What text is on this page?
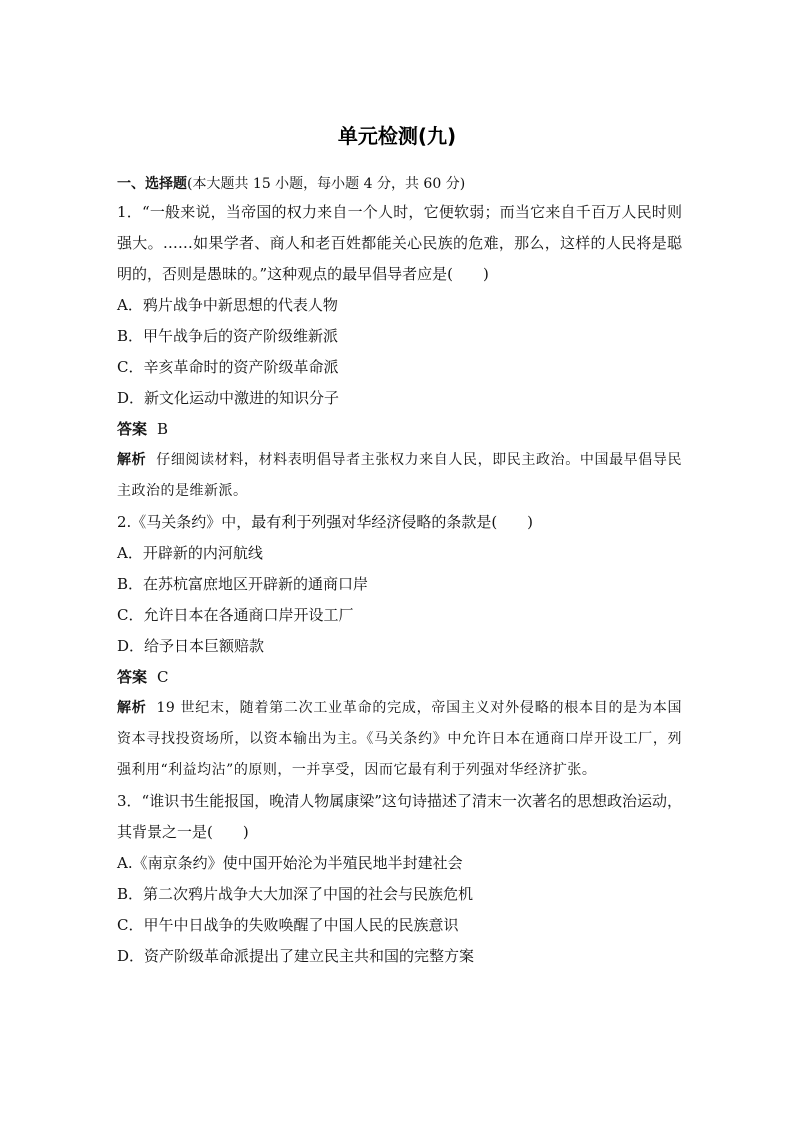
单元检测(九)

一、选择题(本大题共 15 小题，每小题 4 分，共 60 分)

1．“一般来说，当帝国的权力来自一个人时，它便软弱；而当它来自千百万人民时则强大。……如果学者、商人和老百姓都能关心民族的危难，那么，这样的人民将是聪明的，否则是愚昧的。”这种观点的最早倡导者应是(　　)

A．鸦片战争中新思想的代表人物

B．甲午战争后的资产阶级维新派

C．辛亥革命时的资产阶级革命派

D．新文化运动中激进的知识分子

答案 B

解析 仔细阅读材料，材料表明倡导者主张权力来自人民，即民主政治。中国最早倡导民主政治的是维新派。

2.《马关条约》中，最有利于列强对华经济侵略的条款是(　　)

A．开辟新的内河航线

B．在苏杭富庶地区开辟新的通商口岸

C．允许日本在各通商口岸开设工厂

D．给予日本巨额赔款

答案 C

解析 19 世纪末，随着第二次工业革命的完成，帝国主义对外侵略的根本目的是为本国资本寻找投资场所，以资本输出为主。《马关条约》中允许日本在通商口岸开设工厂，列强利用“利益均沾”的原则，一并享受，因而它最有利于列强对华经济扩张。

3．“谁识书生能报国，晚清人物属康梁”这句诗描述了清末一次著名的思想政治运动，其背景之一是(　　)

A.《南京条约》使中国开始沦为半殖民地半封建社会

B．第二次鸦片战争大大加深了中国的社会与民族危机

C．甲午中日战争的失败唤醒了中国人民的民族意识

D．资产阶级革命派提出了建立民主共和国的完整方案
